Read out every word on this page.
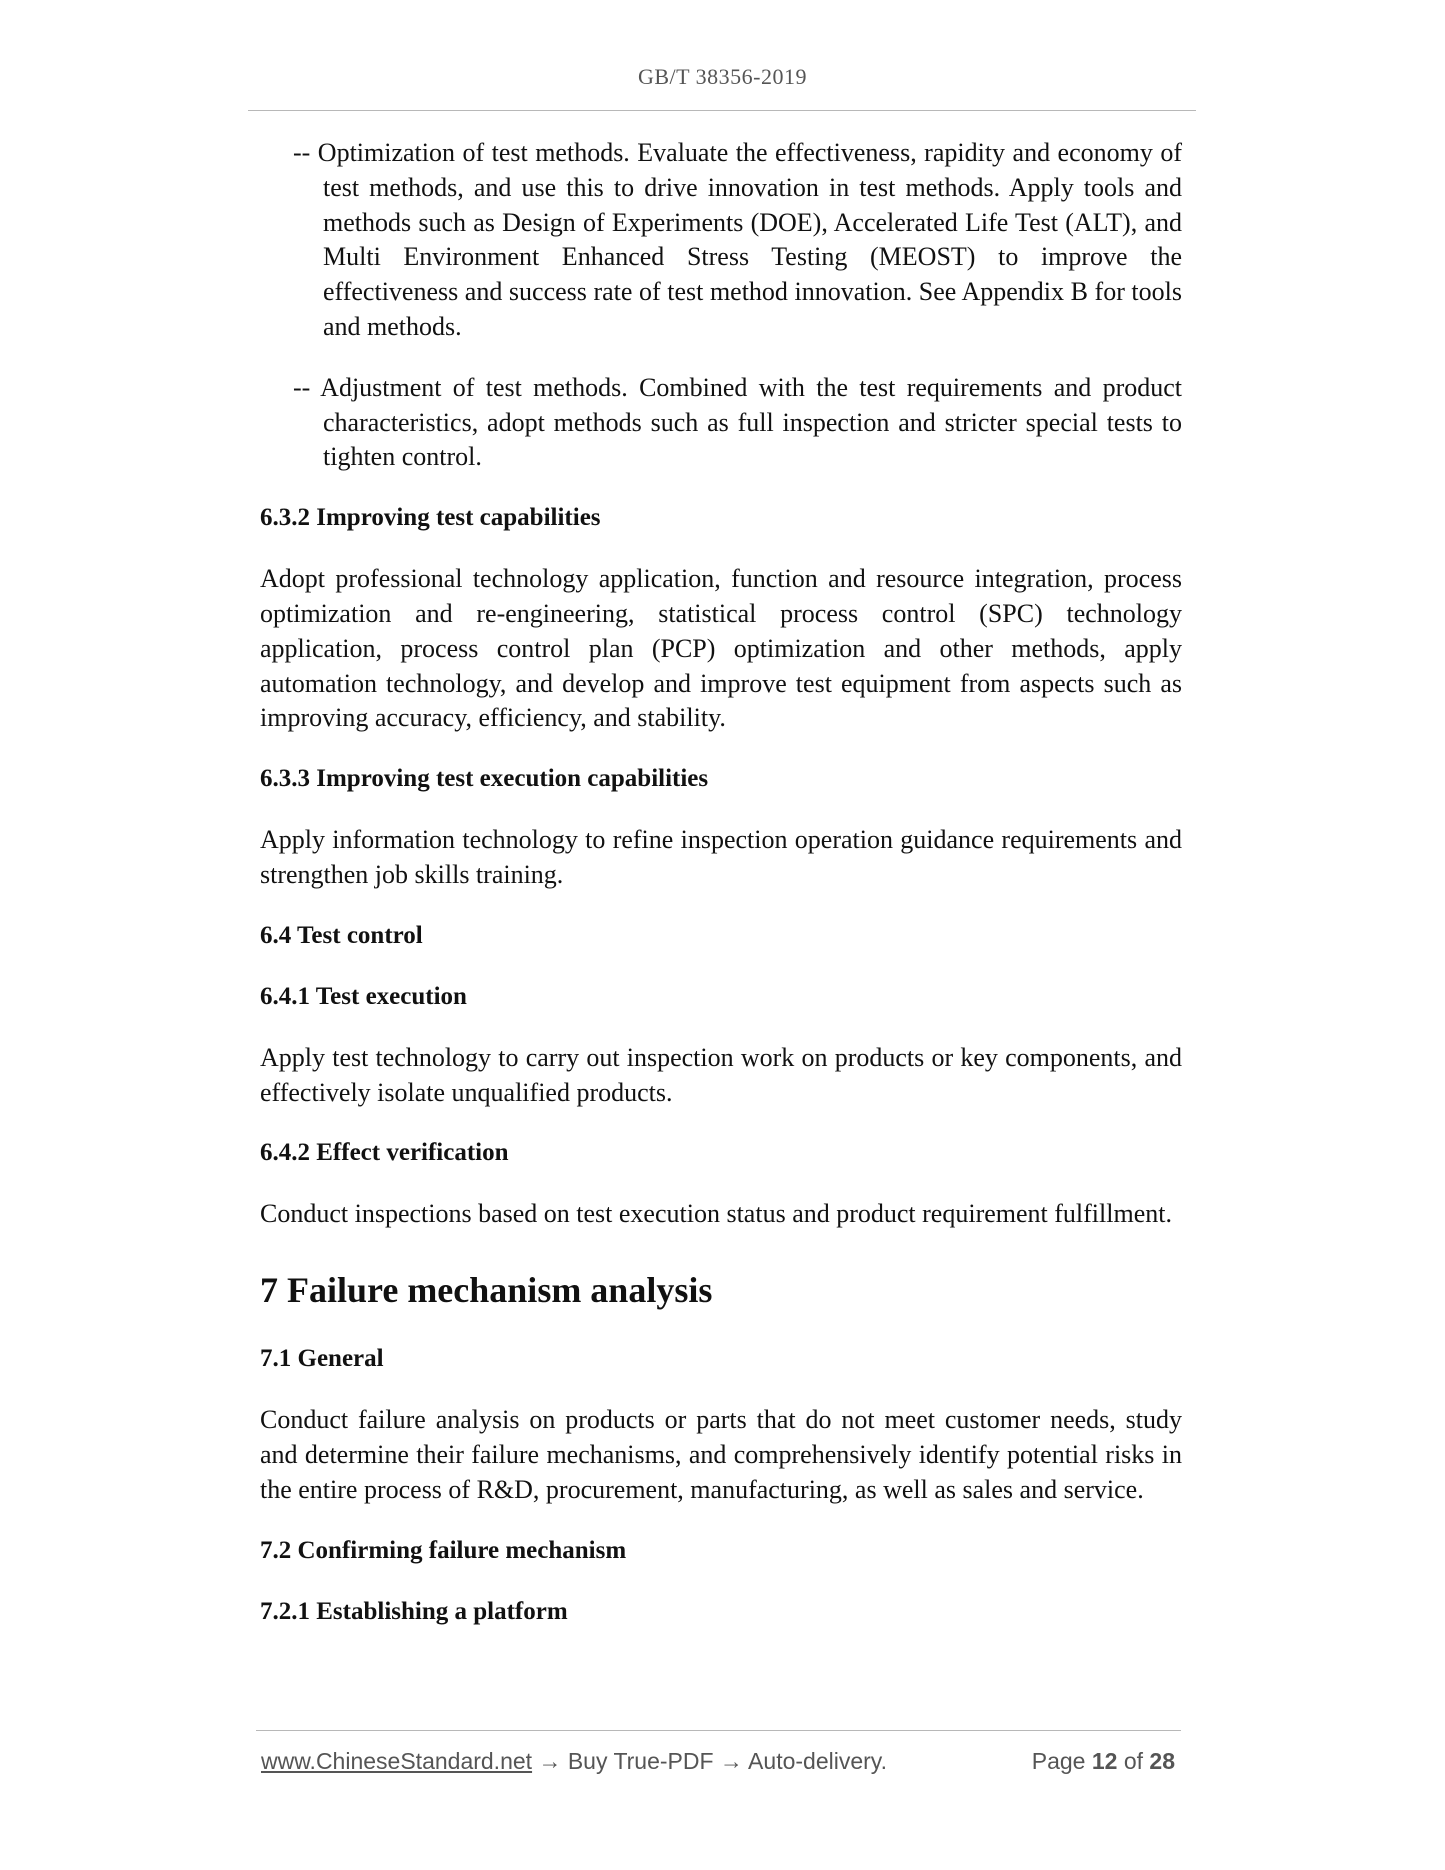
GB/T 38356-2019

-- Optimization of test methods. Evaluate the effectiveness, rapidity and economy of test methods, and use this to drive innovation in test methods. Apply tools and methods such as Design of Experiments (DOE), Accelerated Life Test (ALT), and Multi Environment Enhanced Stress Testing (MEOST) to improve the effectiveness and success rate of test method innovation. See Appendix B for tools and methods.

-- Adjustment of test methods. Combined with the test requirements and product characteristics, adopt methods such as full inspection and stricter special tests to tighten control.

6.3.2 Improving test capabilities

Adopt professional technology application, function and resource integration, process optimization and re-engineering, statistical process control (SPC) technology application, process control plan (PCP) optimization and other methods, apply automation technology, and develop and improve test equipment from aspects such as improving accuracy, efficiency, and stability.

6.3.3 Improving test execution capabilities

Apply information technology to refine inspection operation guidance requirements and strengthen job skills training.

6.4 Test control
6.4.1 Test execution

Apply test technology to carry out inspection work on products or key components, and effectively isolate unqualified products.

6.4.2 Effect verification

Conduct inspections based on test execution status and product requirement fulfillment.

7 Failure mechanism analysis
7.1 General

Conduct failure analysis on products or parts that do not meet customer needs, study and determine their failure mechanisms, and comprehensively identify potential risks in the entire process of R&D, procurement, manufacturing, as well as sales and service.

7.2 Confirming failure mechanism
7.2.1 Establishing a platform
www.ChineseStandard.net → Buy True-PDF → Auto-delivery.	Page 12 of 28
